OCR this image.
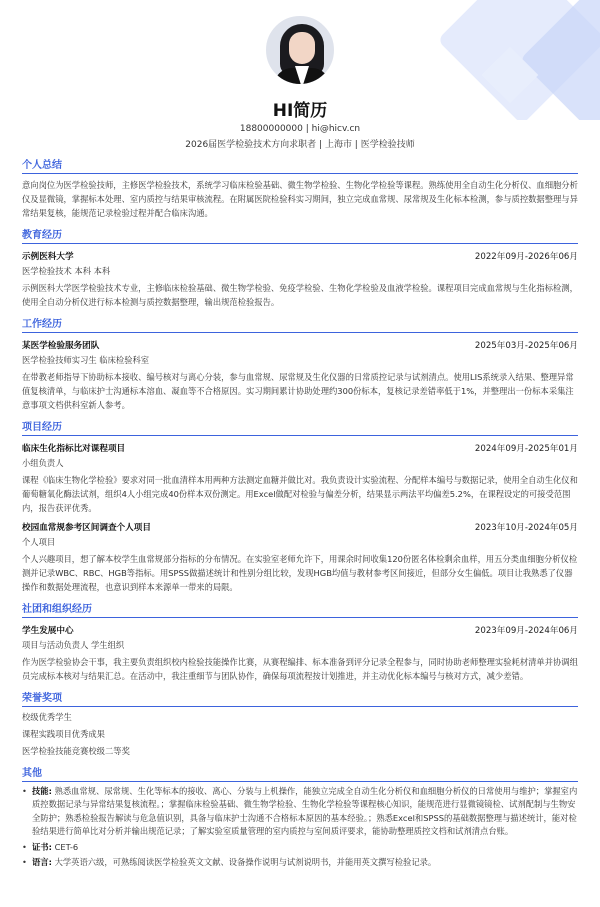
HI简历
18800000000 | hi@hicv.cn
2026届医学检验技术方向求职者 | 上海市 | 医学检验技师
个人总结
意向岗位为医学检验技师，主修医学检验技术，系统学习临床检验基础、微生物学检验、生物化学检验等课程。熟练使用全自动生化分析仪、血细胞分析仪及显微镜，掌握标本处理、室内质控与结果审核流程。在附属医院检验科实习期间，独立完成血常规、尿常规及生化标本检测，参与质控数据整理与异常结果复核，能规范记录检验过程并配合临床沟通。
教育经历
示例医科大学	2022年09月-2026年06月
医学检验技术 本科 本科
示例医科大学医学检验技术专业，主修临床检验基础、微生物学检验、免疫学检验、生物化学检验及血液学检验。课程项目完成血常规与生化指标检测，使用全自动分析仪进行标本检测与质控数据整理，输出规范检验报告。
工作经历
某医学检验服务团队	2025年03月-2025年06月
医学检验技师实习生 临床检验科室
在带教老师指导下协助标本接收、编号核对与离心分装，参与血常规、尿常规及生化仪器的日常质控记录与试剂清点。使用LIS系统录入结果、整理异常值复核清单，与临床护士沟通标本溶血、凝血等不合格原因。实习期间累计协助处理约300份标本，复核记录差错率低于1%，并整理出一份标本采集注意事项文档供科室新人参考。
项目经历
临床生化指标比对课程项目	2024年09月-2025年01月
小组负责人
课程《临床生物化学检验》要求对同一批血清样本用两种方法测定血糖并做比对。我负责设计实验流程、分配样本编号与数据记录，使用全自动生化仪和葡萄糖氧化酶法试剂，组织4人小组完成40份样本双份测定。用Excel做配对检验与偏差分析，结果显示两法平均偏差5.2%，在课程设定的可接受范围内，报告获评优秀。
校园血常规参考区间调查个人项目	2023年10月-2024年05月
个人项目
个人兴趣项目，想了解本校学生血常规部分指标的分布情况。在实验室老师允许下，用课余时间收集120份匿名体检剩余血样，用五分类血细胞分析仪检测并记录WBC、RBC、HGB等指标。用SPSS做描述统计和性别分组比较，发现HGB均值与教材参考区间接近，但部分女生偏低。项目让我熟悉了仪器操作和数据处理流程，也意识到样本来源单一带来的局限。
社团和组织经历
学生发展中心	2023年09月-2024年06月
项目与活动负责人 学生组织
作为医学检验协会干事，我主要负责组织校内检验技能操作比赛，从赛程编排、标本准备到评分记录全程参与，同时协助老师整理实验耗材清单并协调组员完成标本核对与结果汇总。在活动中，我注重细节与团队协作，确保每项流程按计划推进，并主动优化标本编号与核对方式，减少差错。
荣誉奖项
校级优秀学生
课程实践项目优秀成果
医学检验技能竞赛校级二等奖
其他
• 技能: 熟悉血常规、尿常规、生化等标本的接收、离心、分装与上机操作，能独立完成全自动生化分析仪和血细胞分析仪的日常使用与维护；掌握室内质控数据记录与异常结果复核流程。；掌握临床检验基础、微生物学检验、生物化学检验等课程核心知识，能规范进行显微镜镜检、试剂配制与生物安全防护；熟悉检验报告解读与危急值识别，具备与临床护士沟通不合格标本原因的基本经验。；熟悉Excel和SPSS的基础数据整理与描述统计，能对检验结果进行简单比对分析并输出规范记录；了解实验室质量管理的室内质控与室间质评要求，能协助整理质控文档和试剂清点台账。
• 证书: CET-6
• 语言: 大学英语六级，可熟练阅读医学检验英文文献、设备操作说明与试剂说明书，并能用英文撰写检验记录。
